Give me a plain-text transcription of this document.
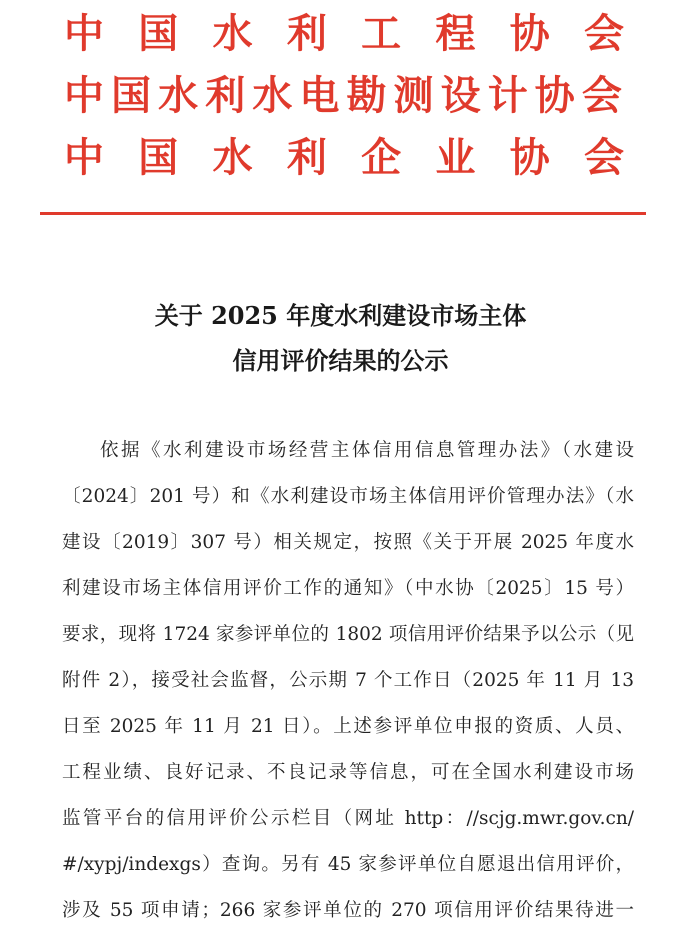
中 国 水 利 工 程 协 会
中 国 水 利 水 电 勘 测 设 计 协 会
中 国 水 利 企 业 协 会
关于 2025 年度水利建设市场主体
信用评价结果的公示
依据《水利建设市场经营主体信用信息管理办法》（水建设
〔2024〕201 号）和《水利建设市场主体信用评价管理办法》（水
建设〔2019〕307 号）相关规定，按照《关于开展 2025 年度水
利建设市场主体信用评价工作的通知》（中水协〔2025〕15 号）
要求，现将 1724 家参评单位的 1802 项信用评价结果予以公示（见
附件 2），接受社会监督，公示期 7 个工作日（2025 年 11 月 13
日至 2025 年 11 月 21 日）。上述参评单位申报的资质、人员、
工程业绩、良好记录、不良记录等信息，可在全国水利建设市场
监管平台的信用评价公示栏目（网址 http：//scjg.mwr.gov.cn/
#/xypj/indexgs）查询。另有 45 家参评单位自愿退出信用评价，
涉及 55 项申请；266 家参评单位的 270 项信用评价结果待进一
